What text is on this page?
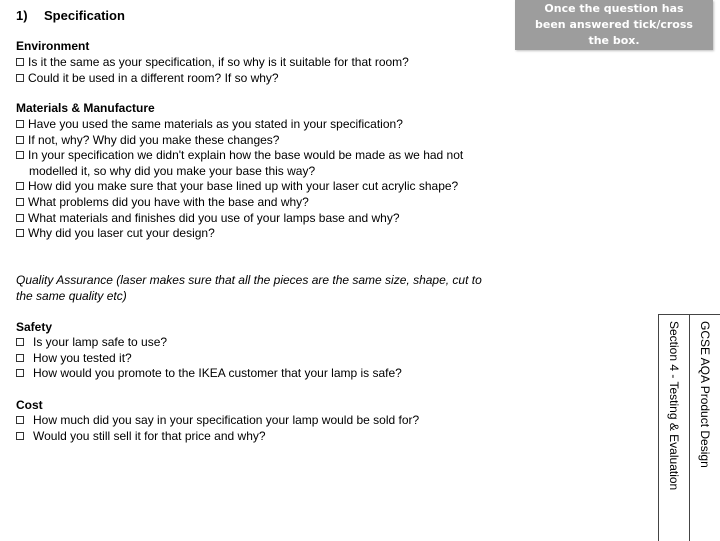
1) Specification	Once the question has been answered tick/cross the box.
Environment
Is it the same as your specification, if so why is it suitable for that room?
Could it be used in a different room? If so why?
Materials & Manufacture
Have you used the same materials as you stated in your specification?
If not, why? Why did you make these changes?
In your specification we didn't explain how the base would be made as we had not
modelled it, so why did you make your base this way?
How did you make sure that your base lined up with your laser cut acrylic shape?
What problems did you have with the base and why?
What materials and finishes did you use of your lamps base and why?
Why did you laser cut your design?
Quality Assurance (laser makes sure that all the pieces are the same size, shape, cut to
the same quality etc)
Safety
Is your lamp safe to use?
How you tested it?
How would you promote to the IKEA customer that your lamp is safe?
Cost
How much did you say in your specification your lamp would be sold for?
Would you still sell it for that price and why?	GCSE AQA Product Design
Section 4 - Testing & Evaluation
